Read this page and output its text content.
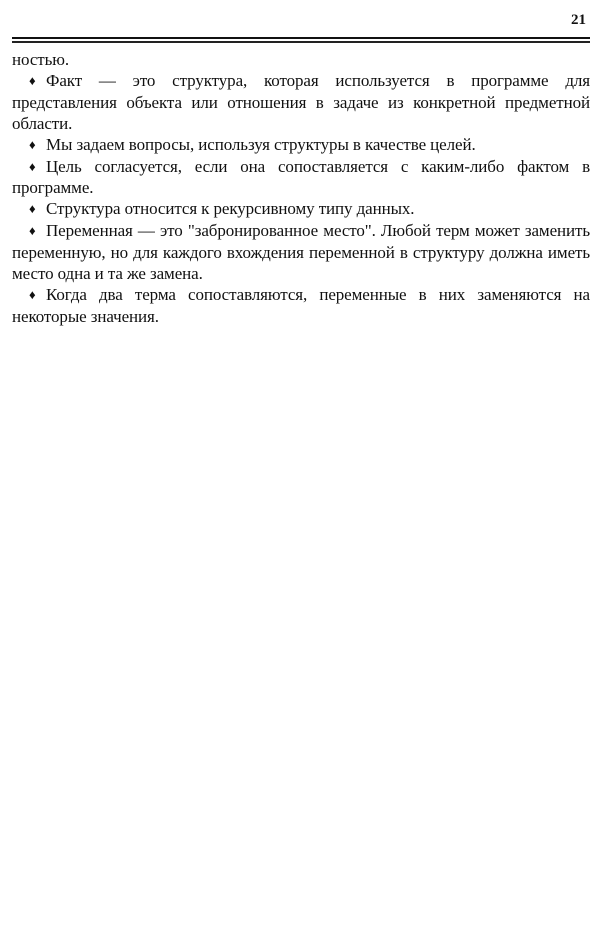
21

ностью.

♦ Факт — это структура, которая используется в программе для представления объекта или отношения в задаче из конкретной предметной области.

♦ Мы задаем вопросы, используя структуры в качестве целей.

♦ Цель согласуется, если она сопоставляется с каким-либо фактом в программе.

♦ Структура относится к рекурсивному типу данных.

♦ Переменная — это "забронированное место". Любой терм может заменить переменную, но для каждого вхождения переменной в структуру должна иметь место одна и та же замена.

♦ Когда два терма сопоставляются, переменные в них заменяются на некоторые значения.
